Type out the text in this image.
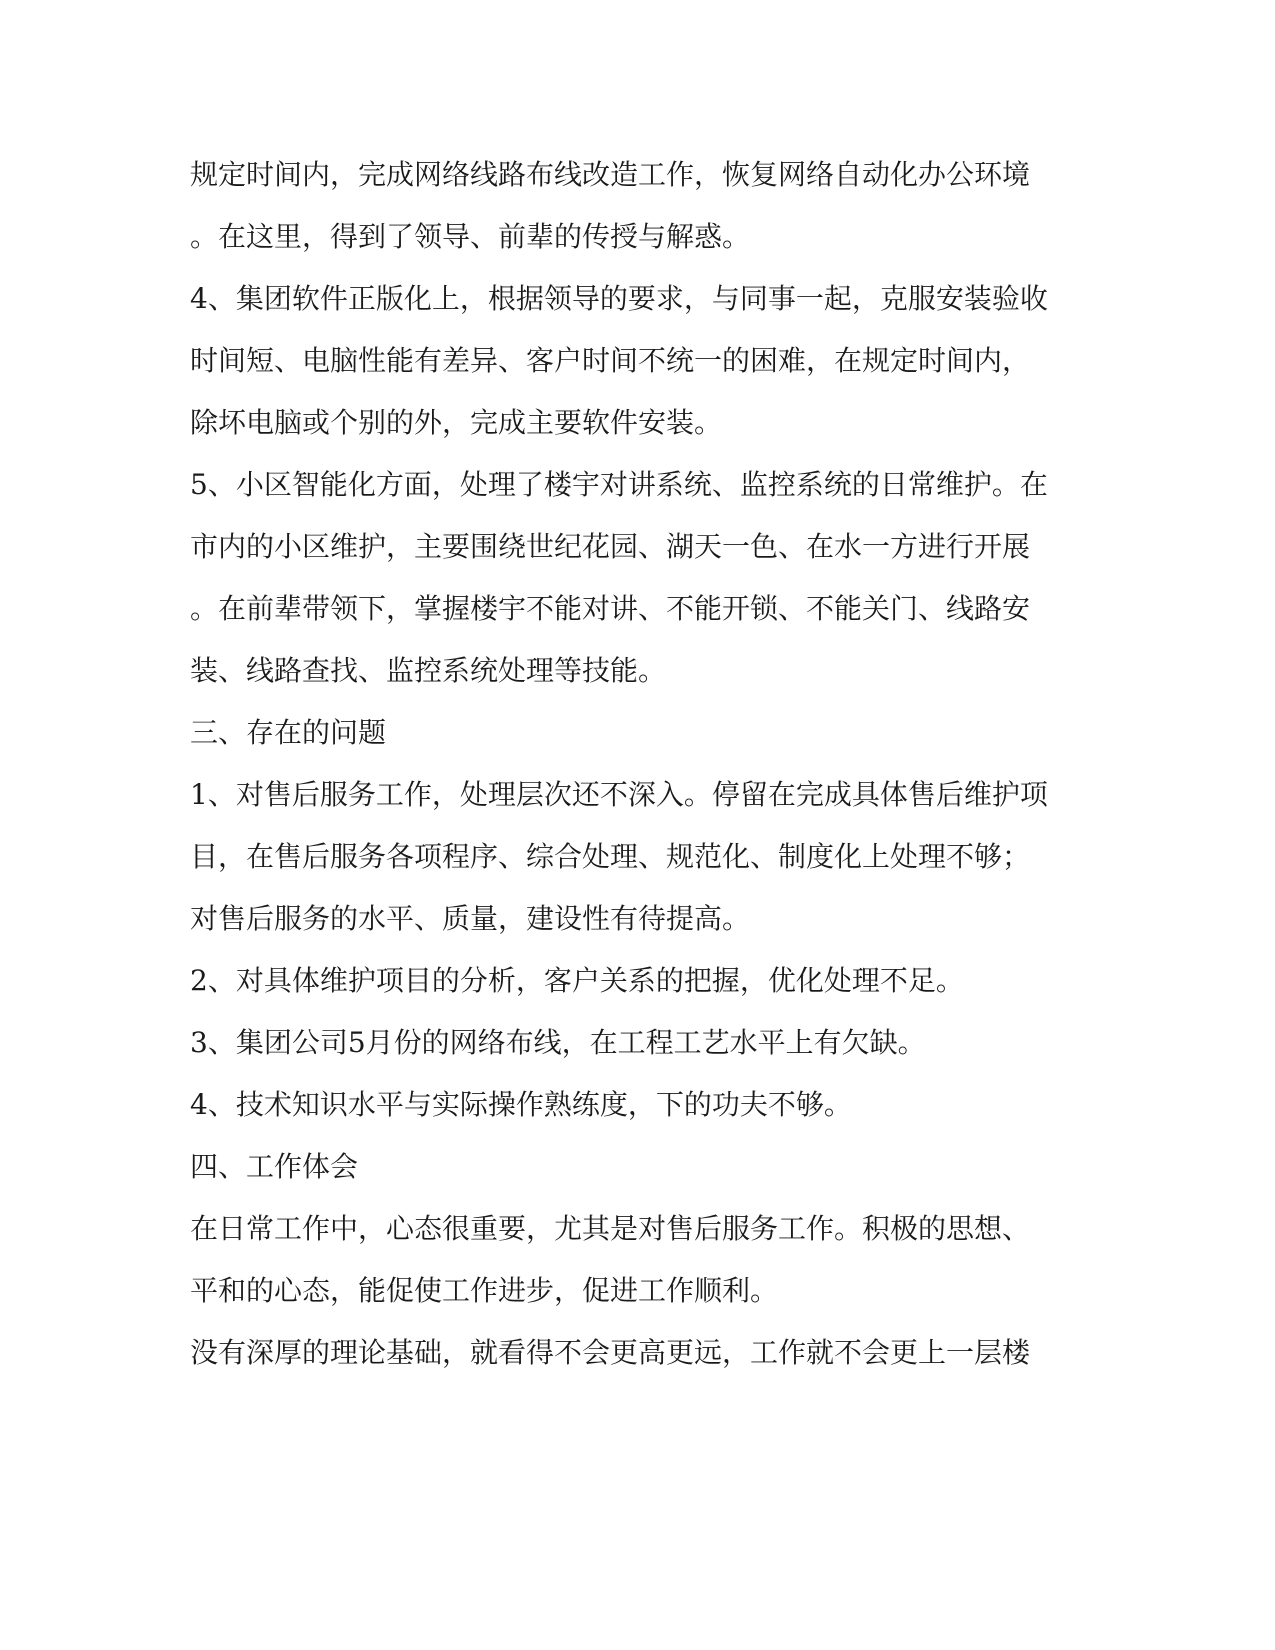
规定时间内，完成网络线路布线改造工作，恢复网络自动化办公环境
。在这里，得到了领导、前辈的传授与解惑。
4、集团软件正版化上，根据领导的要求，与同事一起，克服安装验收
时间短、电脑性能有差异、客户时间不统一的困难，在规定时间内，
除坏电脑或个别的外，完成主要软件安装。
5、小区智能化方面，处理了楼宇对讲系统、监控系统的日常维护。在
市内的小区维护，主要围绕世纪花园、湖天一色、在水一方进行开展
。在前辈带领下，掌握楼宇不能对讲、不能开锁、不能关门、线路安
装、线路查找、监控系统处理等技能。
三、存在的问题
1、对售后服务工作，处理层次还不深入。停留在完成具体售后维护项
目，在售后服务各项程序、综合处理、规范化、制度化上处理不够；
对售后服务的水平、质量，建设性有待提高。
2、对具体维护项目的分析，客户关系的把握，优化处理不足。
3、集团公司5月份的网络布线，在工程工艺水平上有欠缺。
4、技术知识水平与实际操作熟练度，下的功夫不够。
四、工作体会
在日常工作中，心态很重要，尤其是对售后服务工作。积极的思想、
平和的心态，能促使工作进步，促进工作顺利。
没有深厚的理论基础，就看得不会更高更远，工作就不会更上一层楼
